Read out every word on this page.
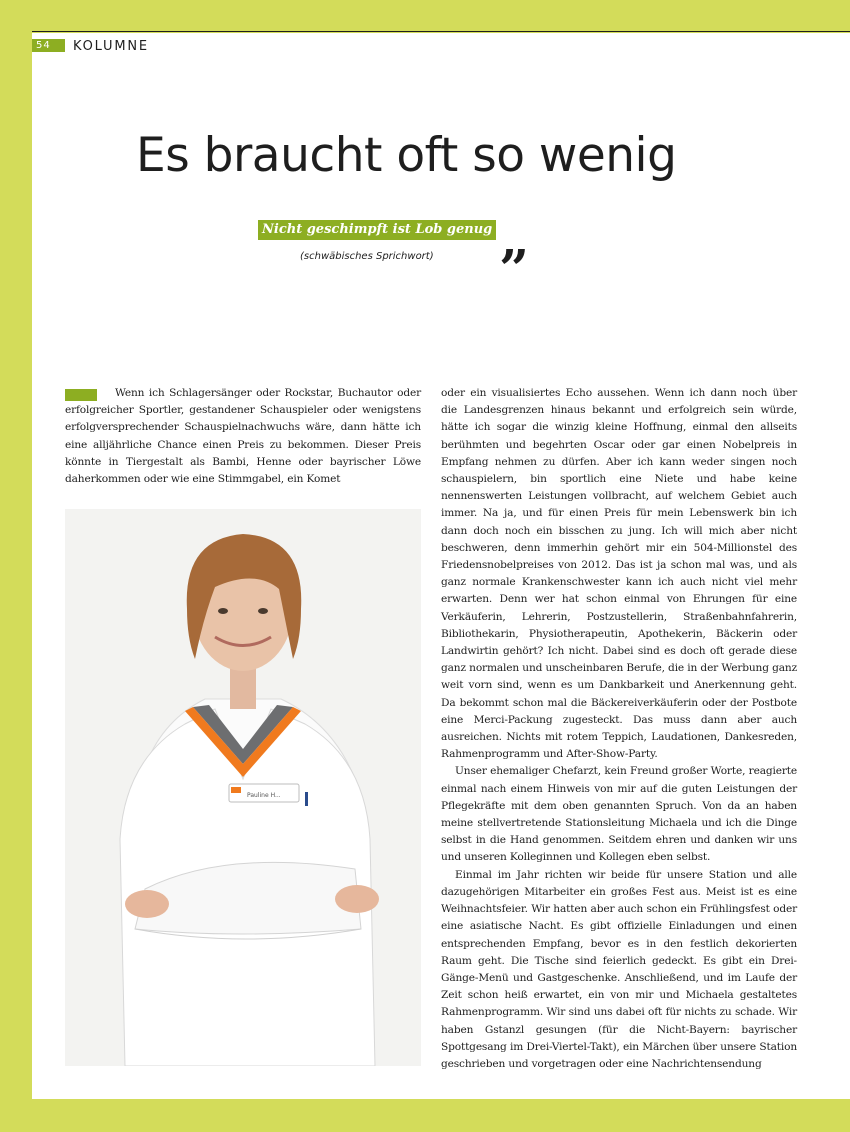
54	KOLUMNE
Es braucht oft so wenig
Nicht geschimpft ist Lob genug „
(schwäbisches Sprichwort)

Wenn ich Schlagersänger oder Rockstar, Buchautor oder erfolgreicher Sportler, gestandener Schauspieler oder wenigstens erfolgversprechender Schauspielnachwuchs wäre, dann hätte ich eine alljährliche Chance einen Preis zu bekommen. Dieser Preis könnte in Tiergestalt als Bambi, Henne oder bayrischer Löwe daherkommen oder wie eine Stimmgabel, ein Komet

Pauline H...

oder ein visualisiertes Echo aussehen. Wenn ich dann noch über die Landesgrenzen hinaus bekannt und erfolgreich sein würde, hätte ich sogar die winzig kleine Hoffnung, einmal den allseits berühmten und begehrten Oscar oder gar einen Nobelpreis in Empfang nehmen zu dürfen. Aber ich kann weder singen noch schauspielern, bin sportlich eine Niete und habe keine nennenswerten Leistungen vollbracht, auf welchem Gebiet auch immer. Na ja, und für einen Preis für mein Lebenswerk bin ich dann doch noch ein bisschen zu jung. Ich will mich aber nicht beschweren, denn immerhin gehört mir ein 504-Millionstel des Friedensnobelpreises von 2012. Das ist ja schon mal was, und als ganz normale Krankenschwester kann ich auch nicht viel mehr erwarten. Denn wer hat schon einmal von Ehrungen für eine Verkäuferin, Lehrerin, Postzustellerin, Straßenbahnfahrerin, Bibliothekarin, Physiotherapeutin, Apothekerin, Bäckerin oder Landwirtin gehört? Ich nicht. Dabei sind es doch oft gerade diese ganz normalen und unscheinbaren Berufe, die in der Werbung ganz weit vorn sind, wenn es um Dankbarkeit und Anerkennung geht. Da bekommt schon mal die Bäckereiverkäuferin oder der Postbote eine Merci-Packung zugesteckt. Das muss dann aber auch ausreichen. Nichts mit rotem Teppich, Laudationen, Dankesreden, Rahmenprogramm und After-Show-Party.

Unser ehemaliger Chefarzt, kein Freund großer Worte, reagierte einmal nach einem Hinweis von mir auf die guten Leistungen der Pflegekräfte mit dem oben genannten Spruch. Von da an haben meine stellvertretende Stationsleitung Michaela und ich die Dinge selbst in die Hand genommen. Seitdem ehren und danken wir uns und unseren Kolleginnen und Kollegen eben selbst.

Einmal im Jahr richten wir beide für unsere Station und alle dazugehörigen Mitarbeiter ein großes Fest aus. Meist ist es eine Weihnachtsfeier. Wir hatten aber auch schon ein Frühlingsfest oder eine asiatische Nacht. Es gibt offizielle Einladungen und einen entsprechenden Empfang, bevor es in den festlich dekorierten Raum geht. Die Tische sind feierlich gedeckt. Es gibt ein Drei-Gänge-Menü und Gastgeschenke. Anschließend, und im Laufe der Zeit schon heiß erwartet, ein von mir und Michaela gestaltetes Rahmenprogramm. Wir sind uns dabei oft für nichts zu schade. Wir haben Gstanzl gesungen (für die Nicht-Bayern: bayrischer Spottgesang im Drei-Viertel-Takt), ein Märchen über unsere Station geschrieben und vorgetragen oder eine Nachrichtensendung
